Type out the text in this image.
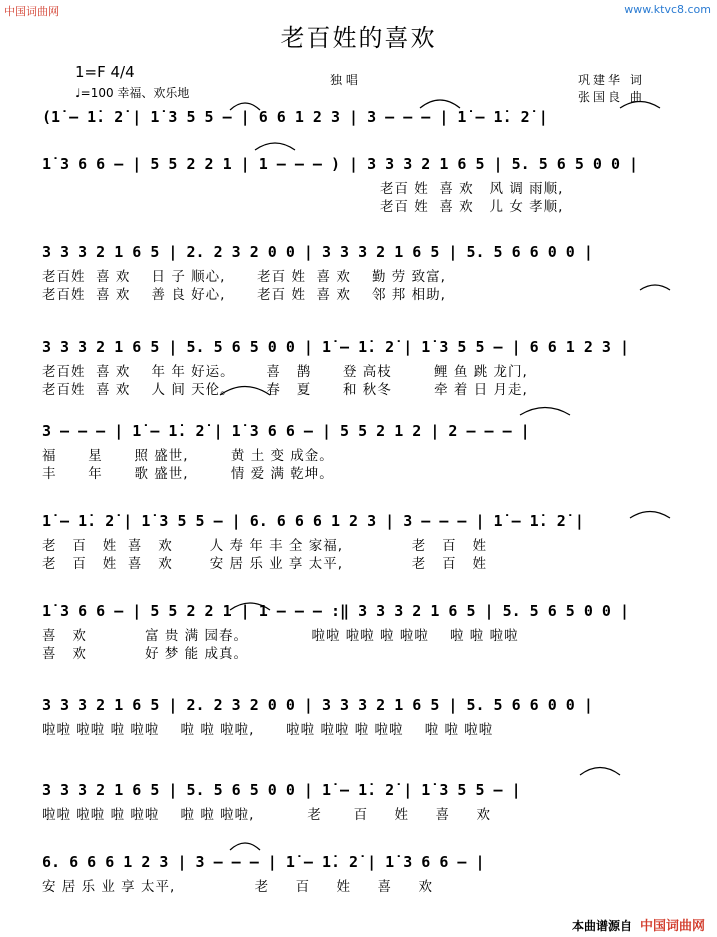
中国词曲网	www.ktvc8.com
老百姓的喜欢
1=F 4/4
♩=100 幸福、欢乐地
独 唱	巩建华 词
张国良 曲
(1̇ – 1̇. 2̇ | 1̇ 3 5 5 – | 6 6 1 2 3 | 3 – – – | 1̇ – 1̇. 2̇ |
1̇ 3 6 6 – | 5 5 2 2 1 | 1 – – – ) | 3 3 3 2 1 6 5 | 5. 5 6 5 0 0 |
老百 姓  喜 欢   风 调 雨顺,
老百 姓  喜 欢   儿 女 孝顺,
3 3 3 2 1 6 5 | 2. 2 3 2 0 0 | 3 3 3 2 1 6 5 | 5. 5 6 6 0 0 |
老百姓  喜 欢    日 子 顺心,      老百 姓  喜 欢    勤 劳 致富,
老百姓  喜 欢    善 良 好心,      老百 姓  喜 欢    邻 邦 相助,
3 3 3 2 1 6 5 | 5. 5 6 5 0 0 | 1̇ – 1̇. 2̇ | 1̇ 3 5 5 – | 6 6 1 2 3 |
老百姓  喜 欢    年 年 好运。      喜   鹊      登 高枝        鲤 鱼 跳 龙门,
老百姓  喜 欢    人 间 天伦。      春   夏      和 秋冬        牵 着 日 月走,
3 – – – | 1̇ – 1̇. 2̇ | 1̇ 3 6 6 – | 5 5 2 1 2 | 2 – – – |
福      星      照 盛世,        黄 土 变 成金。
丰      年      歌 盛世,        情 爱 满 乾坤。
1̇ – 1̇. 2̇ | 1̇ 3 5 5 – | 6. 6 6 6 1 2 3 | 3 – – – | 1̇ – 1̇. 2̇ |
老   百   姓  喜   欢       人 寿 年 丰 全 家福,             老   百   姓
老   百   姓  喜   欢       安 居 乐 业 享 太平,             老   百   姓
1̇ 3 6 6 – | 5 5 2 2 1 | 1 – – – :‖ 3 3 3 2 1 6 5 | 5. 5 6 5 0 0 |
喜   欢           富 贵 满 园春。            啦啦 啦啦 啦 啦啦    啦 啦 啦啦
喜   欢           好 梦 能 成真。
3 3 3 2 1 6 5 | 2. 2 3 2 0 0 | 3 3 3 2 1 6 5 | 5. 5 6 6 0 0 |
啦啦 啦啦 啦 啦啦    啦 啦 啦啦,      啦啦 啦啦 啦 啦啦    啦 啦 啦啦
3 3 3 2 1 6 5 | 5. 5 6 5 0 0 | 1̇ – 1̇. 2̇ | 1̇ 3 5 5 – |
啦啦 啦啦 啦 啦啦    啦 啦 啦啦,          老      百     姓     喜     欢
6. 6 6 6 1 2 3 | 3 – – – | 1̇ – 1̇. 2̇ | 1̇ 3 6 6 – |
安 居 乐 业 享 太平,               老     百     姓     喜     欢
本曲谱源自 中国词曲网
